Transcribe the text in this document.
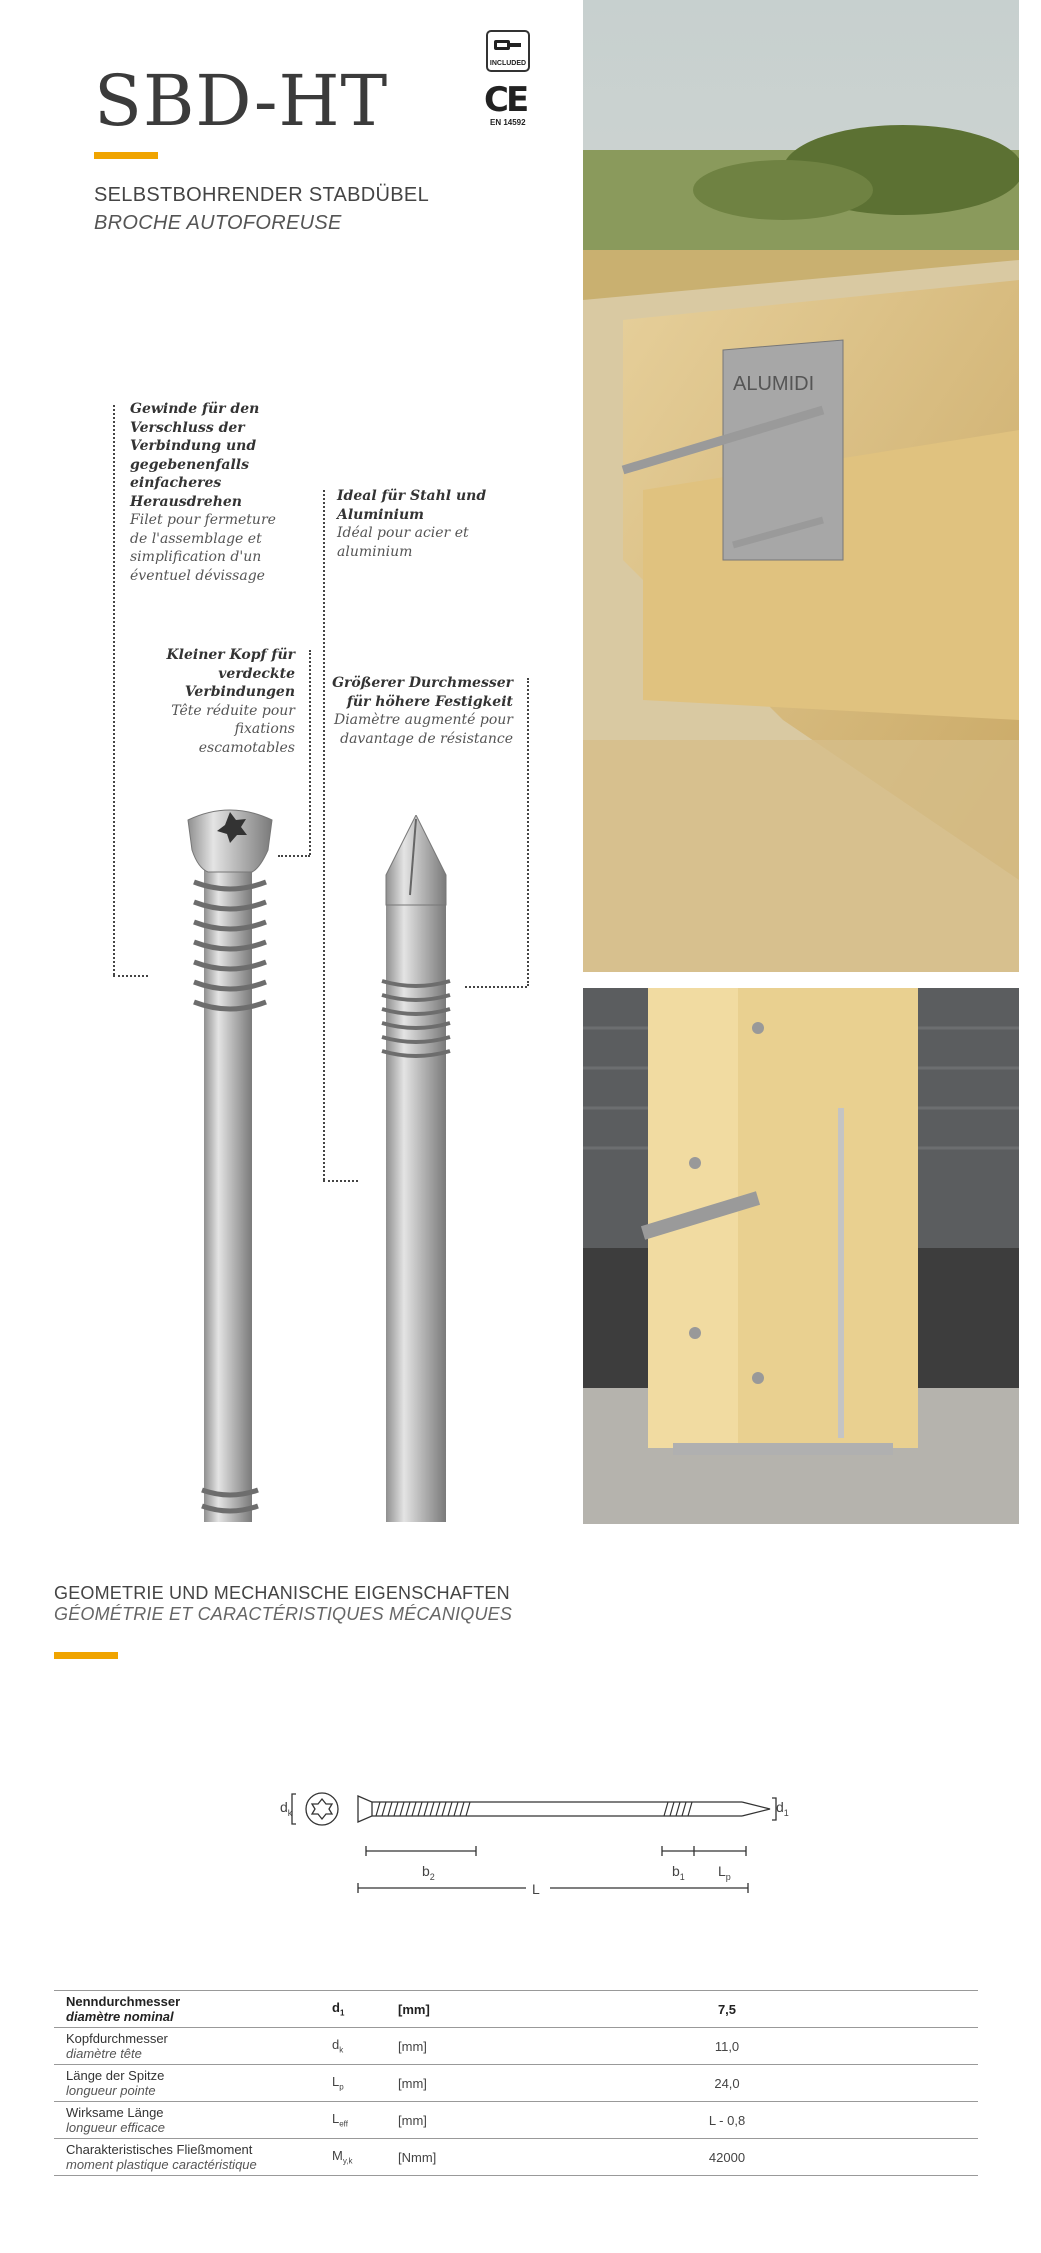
SBD-HT
SELBSTBOHRENDER STABDÜBEL
BROCHE AUTOFOREUSE
INCLUDED
CE
EN 14592
Gewinde für den Verschluss der Verbindung und gegebenenfalls einfacheres Herausdrehen
Filet pour fermeture de l'assemblage et simplification d'un éventuel dévissage
Ideal für Stahl und Aluminium
Idéal pour acier et aluminium
Kleiner Kopf für verdeckte Verbindungen
Tête réduite pour fixations escamotables
Größerer Durchmesser für höhere Festigkeit
Diamètre augmenté pour davantage de résistance
ALUMIDI
GEOMETRIE UND MECHANISCHE EIGENSCHAFTEN
GÉOMÉTRIE ET CARACTÉRISTIQUES MÉCANIQUES
$d_k$	$d_1$
$b_2$	$b_1$ $L_p$
L
Nenndurchmesser
diamètre nominal	$d_1$	[mm]	7,5

Kopfdurchmesser
diamètre tête	$d_k$	[mm]	11,0

Länge der Spitze
longueur pointe	$L_p$	[mm]	24,0

Wirksame Länge
longueur efficace	$L_{eff}$	[mm]	L - 0,8

Charakteristisches Fließmoment
moment plastique caractéristique	$M_{y,k}$	[Nmm]	42000
